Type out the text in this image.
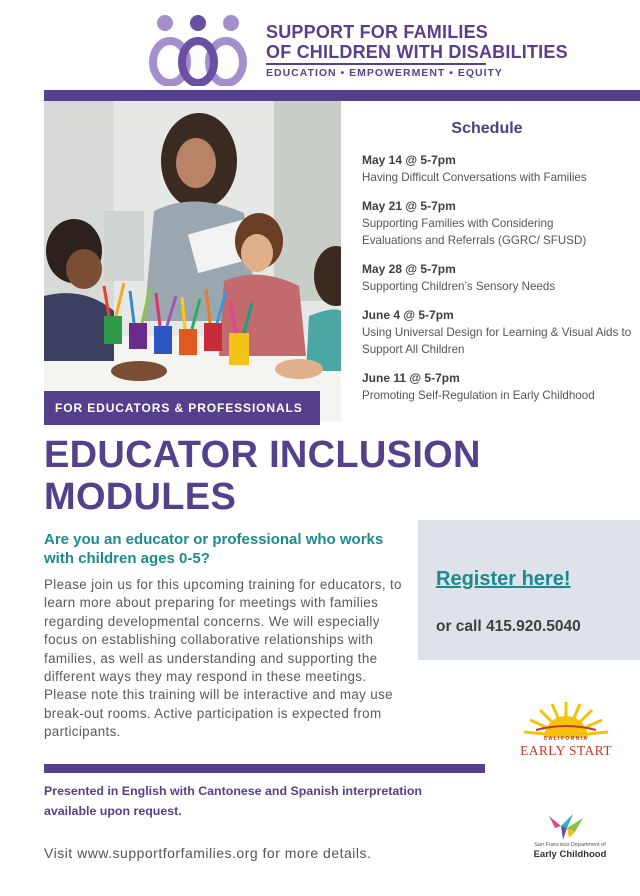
SUPPORT FOR FAMILIES
OF CHILDREN WITH DISABILITIES
EDUCATION • EMPOWERMENT • EQUITY
FOR EDUCATORS & PROFESSIONALS
Schedule
May 14 @ 5-7pm
Having Difficult Conversations with Families
May 21 @ 5-7pm
Supporting Families with Considering Evaluations and Referrals (GGRC/ SFUSD)
May 28 @ 5-7pm
Supporting Children’s Sensory Needs
June 4 @ 5-7pm
Using Universal Design for Learning & Visual Aids to Support All Children
June 11 @ 5-7pm
Promoting Self-Regulation in Early Childhood
EDUCATOR INCLUSION
MODULES
Are you an educator or professional who works with children ages 0-5?
Please join us for this upcoming training for educators, to learn more about preparing for meetings with families regarding developmental concerns. We will especially focus on establishing collaborative relationships with families, as well as understanding and supporting the different ways they may respond in these meetings. Please note this training will be interactive and may use break-out rooms. Active participation is expected from participants.
Register here!
or call 415.920.5040
CALIFORNIA
EARLY START
Presented in English with Cantonese and Spanish interpretation available upon request.
San Francisco Department of
Early Childhood
Visit www.supportforfamilies.org for more details.
